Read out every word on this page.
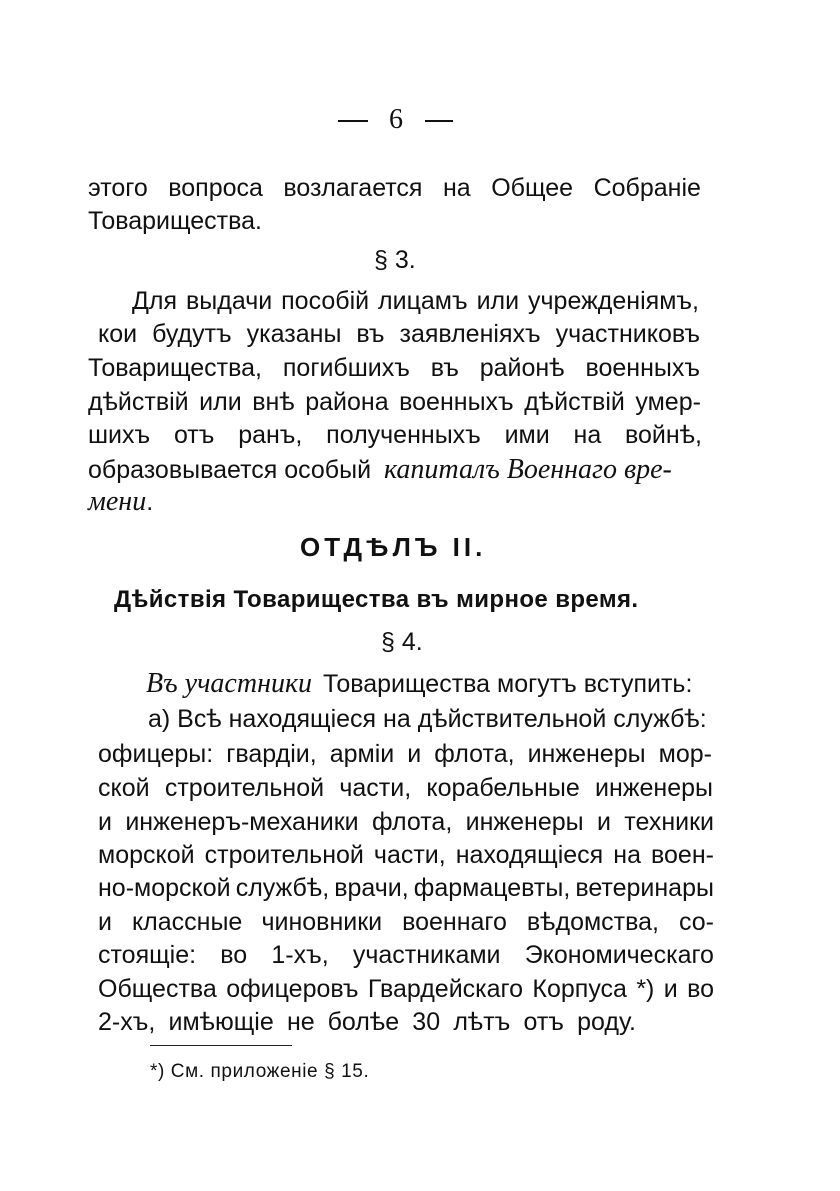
6
этого вопроса возлагается на Общее Собраніе
Товарищества.
§ 3.
Для выдачи пособій лицамъ или учрежденіямъ,
кои будутъ указаны въ заявленіяхъ участниковъ
Товарищества, погибшихъ въ районѣ военныхъ
дѣйствій или внѣ района военныхъ дѣйствій умер-
шихъ отъ ранъ, полученныхъ ими на войнѣ,
образовывается особый капиталъ Военнаго вре-
мени.
ОТДѢЛЪ II.
Дѣйствія Товарищества въ мирное время.
§ 4.
Въ участники Товарищества могутъ вступить:
а) Всѣ находящіеся на дѣйствительной службѣ:
офицеры: гвардіи, арміи и флота, инженеры мор-
ской строительной части, корабельные инженеры
и инженеръ-механики флота, инженеры и техники
морской строительной части, находящіеся на воен-
но-морской службѣ, врачи, фармацевты, ветеринары
и классные чиновники военнаго вѣдомства, со-
стоящіе: во 1-хъ, участниками Экономическаго
Общества офицеровъ Гвардейскаго Корпуса *) и во
2-хъ, имѣющіе не болѣе 30 лѣтъ отъ роду.
*) См. приложеніе § 15.
